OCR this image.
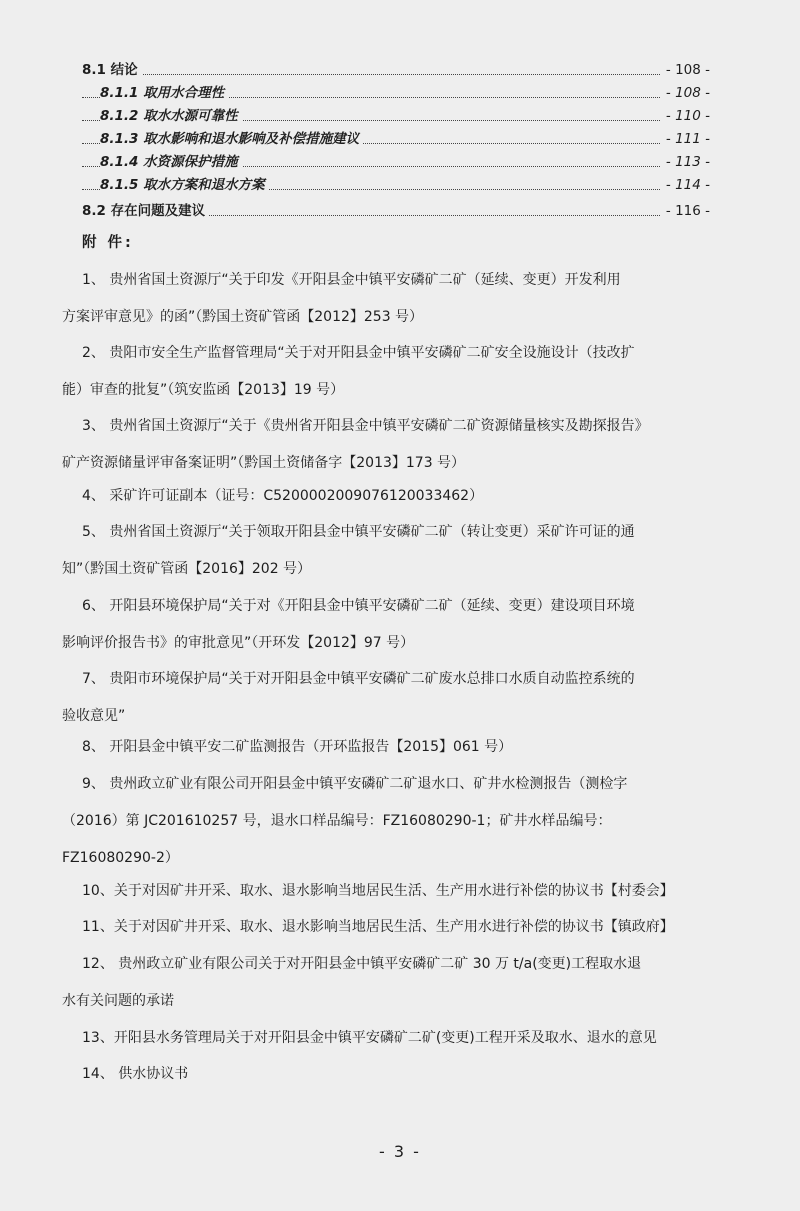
8.1 结论	- 108 -
8.1.1 取用水合理性	- 108 -
8.1.2 取水水源可靠性	- 110 -
8.1.3 取水影响和退水影响及补偿措施建议	- 111 -
8.1.4 水资源保护措施	- 113 -
8.1.5 取水方案和退水方案	- 114 -
8.2 存在问题及建议	- 116 -
附 件:
1、 贵州省国土资源厅“关于印发《开阳县金中镇平安磷矿二矿（延续、变更）开发利用
方案评审意见》的函”（黔国土资矿管函【2012】253 号）
2、 贵阳市安全生产监督管理局“关于对开阳县金中镇平安磷矿二矿安全设施设计（技改扩
能）审查的批复”（筑安监函【2013】19 号）
3、 贵州省国土资源厅“关于《贵州省开阳县金中镇平安磷矿二矿资源储量核实及勘探报告》
矿产资源储量评审备案证明”（黔国土资储备字【2013】173 号）
4、 采矿许可证副本（证号：C5200002009076120033462）
5、 贵州省国土资源厅“关于领取开阳县金中镇平安磷矿二矿（转让变更）采矿许可证的通
知”（黔国土资矿管函【2016】202 号）
6、 开阳县环境保护局“关于对《开阳县金中镇平安磷矿二矿（延续、变更）建设项目环境
影响评价报告书》的审批意见”（开环发【2012】97 号）
7、 贵阳市环境保护局“关于对开阳县金中镇平安磷矿二矿废水总排口水质自动监控系统的
验收意见”
8、 开阳县金中镇平安二矿监测报告（开环监报告【2015】061 号）
9、 贵州政立矿业有限公司开阳县金中镇平安磷矿二矿退水口、矿井水检测报告（测检字
（2016）第 JC201610257 号，退水口样品编号：FZ16080290-1；矿井水样品编号：
FZ16080290-2）
10、关于对因矿井开采、取水、退水影响当地居民生活、生产用水进行补偿的协议书【村委会】
11、关于对因矿井开采、取水、退水影响当地居民生活、生产用水进行补偿的协议书【镇政府】
12、 贵州政立矿业有限公司关于对开阳县金中镇平安磷矿二矿 30 万 t/a(变更)工程取水退
水有关问题的承诺
13、开阳县水务管理局关于对开阳县金中镇平安磷矿二矿(变更)工程开采及取水、退水的意见
14、 供水协议书
- 3 -
